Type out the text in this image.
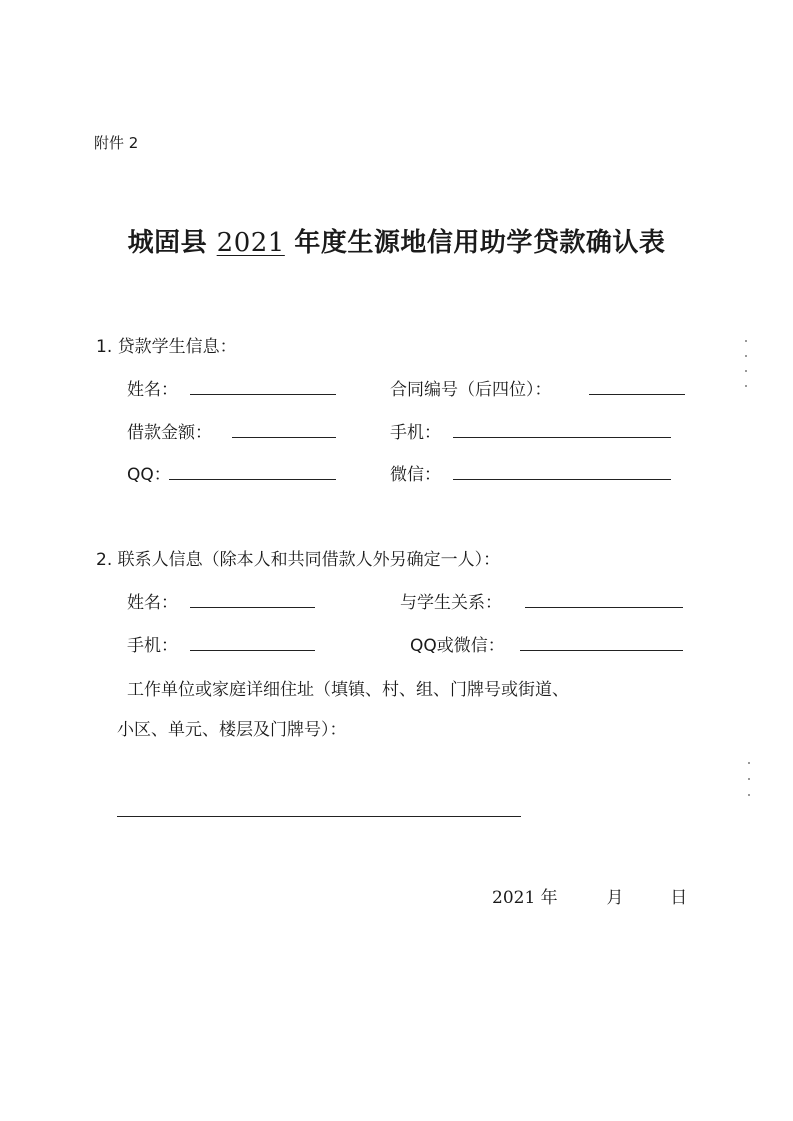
附件 2
城固县 2021 年度生源地信用助学贷款确认表
1. 贷款学生信息：
姓名：	合同编号（后四位）：
借款金额：	手机：
QQ：	微信：
2. 联系人信息（除本人和共同借款人外另确定一人）：
姓名：	与学生关系：
手机：	QQ或微信：
工作单位或家庭详细住址（填镇、村、组、门牌号或街道、
小区、单元、楼层及门牌号）：
2021 年	月	日
